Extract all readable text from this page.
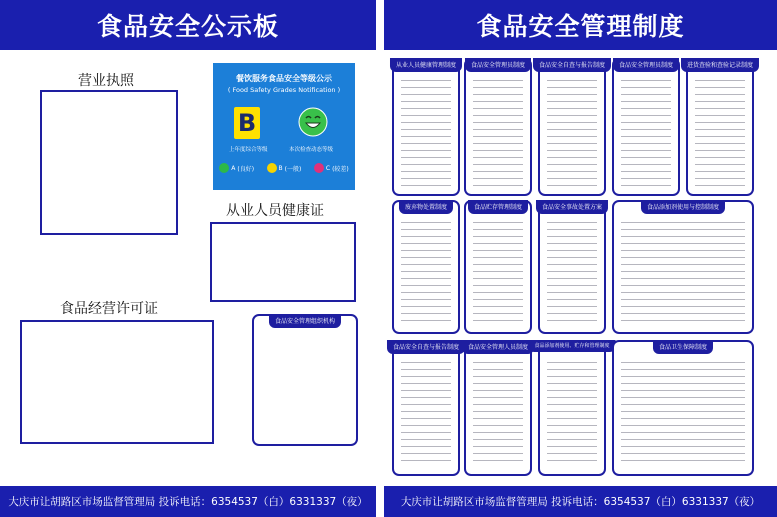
食品安全公示板	食品安全管理制度
营业执照	餐饮服务食品安全等级公示
( Food Safety Grades Notification )
B
上年度综合等级	本次检查动态等级
A (良好)	B (一般)	C (较差)
从业人员健康证
食品经营许可证
食品安全管理组织机构
从业人员健康管理制度	食品安全管理员制度	食品安全自查与报告制度	食品安全管理员制度	进货查验和查验记录制度
废弃物处置制度	食品贮存管理制度	食品安全事故处置方案	食品添加剂使用与控制制度
食品安全自查与报告制度	食品安全管理人员制度	食品添加剂使用、贮存和管理制度	食品卫生保障制度
大庆市让胡路区市场监督管理局 投诉电话：6354537（白）6331337（夜）	大庆市让胡路区市场监督管理局 投诉电话：6354537（白）6331337（夜）
